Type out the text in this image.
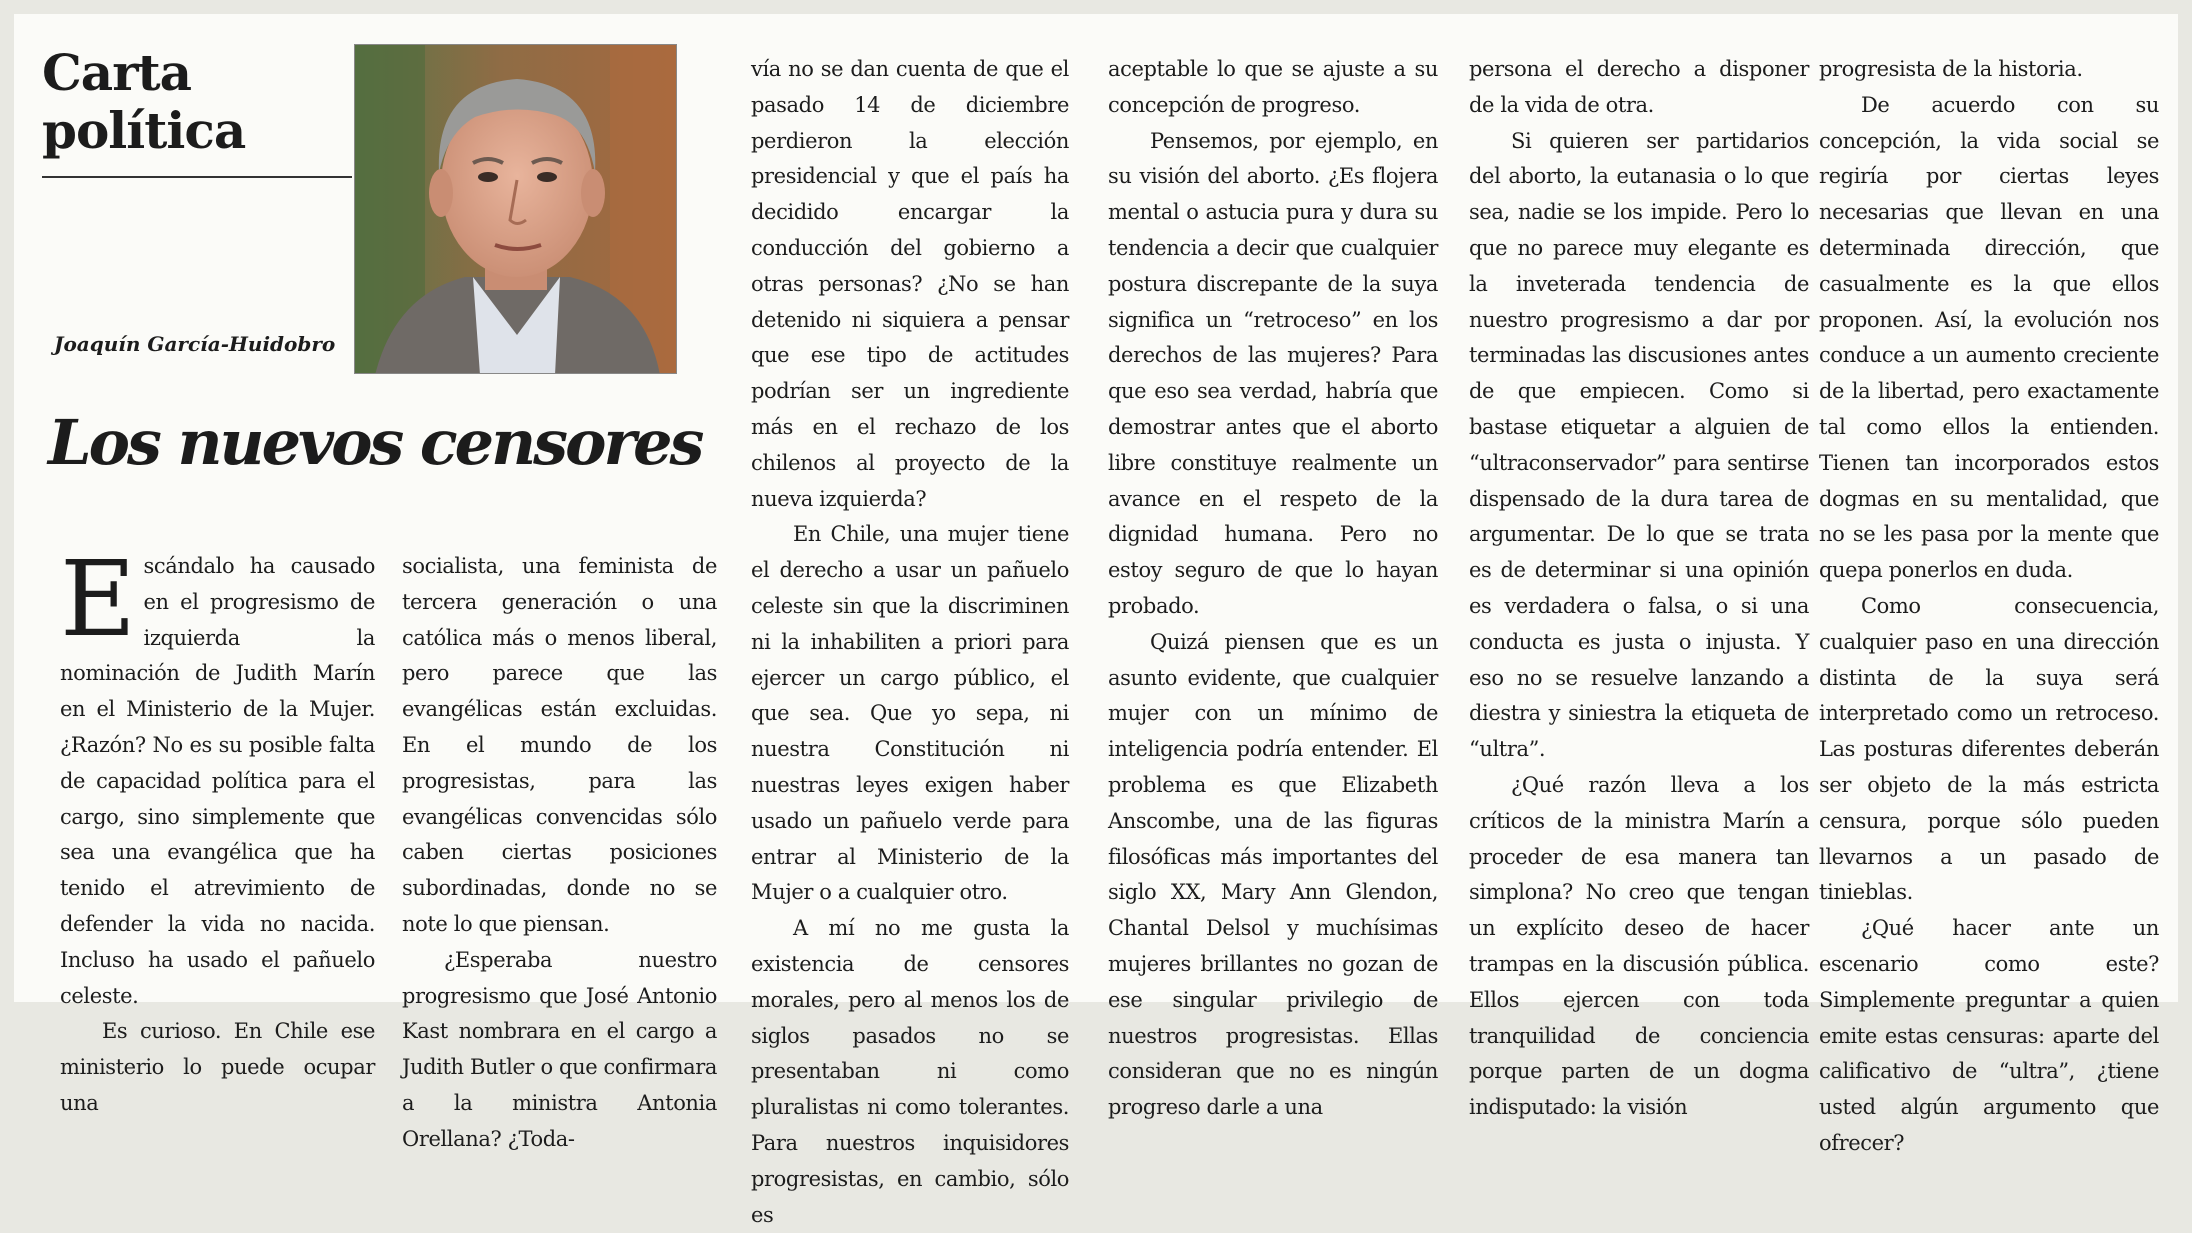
Carta
política
Joaquín García-Huidobro
Los nuevos censores

Escándalo ha causado en el progresismo de izquierda la nominación de Judith Marín en el Ministerio de la Mujer. ¿Razón? No es su posible falta de capacidad política para el cargo, sino simplemente que sea una evangélica que ha tenido el atrevimiento de defender la vida no nacida. Incluso ha usado el pañuelo celeste.

Es curioso. En Chile ese ministerio lo puede ocupar una

socialista, una feminista de tercera generación o una católica más o menos liberal, pero parece que las evangélicas están excluidas. En el mundo de los progresistas, para las evangélicas convencidas sólo caben ciertas posiciones subordinadas, donde no se note lo que piensan.

¿Esperaba nuestro progresismo que José Antonio Kast nombrara en el cargo a Judith Butler o que confirmara a la ministra Antonia Orellana? ¿Toda-

vía no se dan cuenta de que el pasado 14 de diciembre perdieron la elección presidencial y que el país ha decidido encargar la conducción del gobierno a otras personas? ¿No se han detenido ni siquiera a pensar que ese tipo de actitudes podrían ser un ingrediente más en el rechazo de los chilenos al proyecto de la nueva izquierda?

En Chile, una mujer tiene el derecho a usar un pañuelo celeste sin que la discriminen ni la inhabiliten a priori para ejercer un cargo público, el que sea. Que yo sepa, ni nuestra Constitución ni nuestras leyes exigen haber usado un pañuelo verde para entrar al Ministerio de la Mujer o a cualquier otro.

A mí no me gusta la existencia de censores morales, pero al menos los de siglos pasados no se presentaban ni como pluralistas ni como tolerantes. Para nuestros inquisidores progresistas, en cambio, sólo es

aceptable lo que se ajuste a su concepción de progreso.

Pensemos, por ejemplo, en su visión del aborto. ¿Es flojera mental o astucia pura y dura su tendencia a decir que cualquier postura discrepante de la suya significa un “retroceso” en los derechos de las mujeres? Para que eso sea verdad, habría que demostrar antes que el aborto libre constituye realmente un avance en el respeto de la dignidad humana. Pero no estoy seguro de que lo hayan probado.

Quizá piensen que es un asunto evidente, que cualquier mujer con un mínimo de inteligencia podría entender. El problema es que Elizabeth Anscombe, una de las figuras filosóficas más importantes del siglo XX, Mary Ann Glendon, Chantal Delsol y muchísimas mujeres brillantes no gozan de ese singular privilegio de nuestros progresistas. Ellas consideran que no es ningún progreso darle a una

persona el derecho a disponer de la vida de otra.

Si quieren ser partidarios del aborto, la eutanasia o lo que sea, nadie se los impide. Pero lo que no parece muy elegante es la inveterada tendencia de nuestro progresismo a dar por terminadas las discusiones antes de que empiecen. Como si bastase etiquetar a alguien de “ultraconservador” para sentirse dispensado de la dura tarea de argumentar. De lo que se trata es de determinar si una opinión es verdadera o falsa, o si una conducta es justa o injusta. Y eso no se resuelve lanzando a diestra y siniestra la etiqueta de “ultra”.

¿Qué razón lleva a los críticos de la ministra Marín a proceder de esa manera tan simplona? No creo que tengan un explícito deseo de hacer trampas en la discusión pública. Ellos ejercen con toda tranquilidad de conciencia porque parten de un dogma indisputado: la visión

progresista de la historia.

De acuerdo con su concepción, la vida social se regiría por ciertas leyes necesarias que llevan en una determinada dirección, que casualmente es la que ellos proponen. Así, la evolución nos conduce a un aumento creciente de la libertad, pero exactamente tal como ellos la entienden. Tienen tan incorporados estos dogmas en su mentalidad, que no se les pasa por la mente que quepa ponerlos en duda.

Como consecuencia, cualquier paso en una dirección distinta de la suya será interpretado como un retroceso. Las posturas diferentes deberán ser objeto de la más estricta censura, porque sólo pueden llevarnos a un pasado de tinieblas.

¿Qué hacer ante un escenario como este? Simplemente preguntar a quien emite estas censuras: aparte del calificativo de “ultra”, ¿tiene usted algún argumento que ofrecer?
